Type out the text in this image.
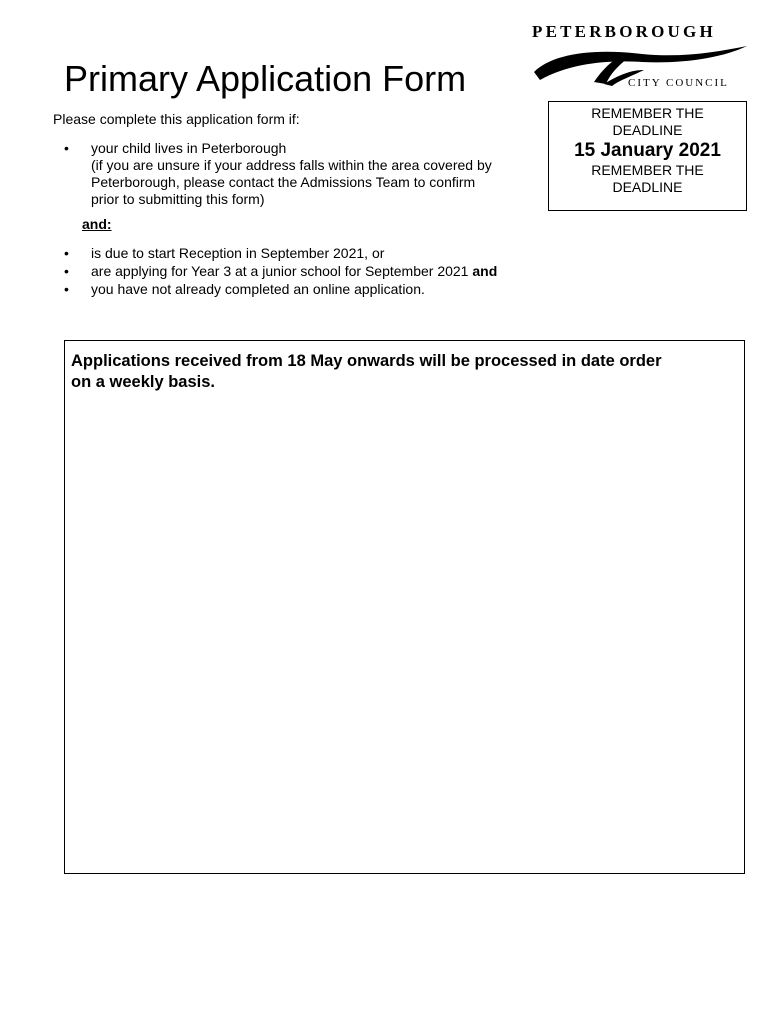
PETERBOROUGH
CITY COUNCIL
Primary Application Form
REMEMBER THE
DEADLINE
15 January 2021
REMEMBER THE
DEADLINE
Please complete this application form if:
• your child lives in Peterborough
(if you are unsure if your address falls within the area covered by
Peterborough, please contact the Admissions Team to confirm
prior to submitting this form)
and:
• is due to start Reception in September 2021, or
• are applying for Year 3 at a junior school for September 2021 and
• you have not already completed an online application.
Applications received from 18 May onwards will be processed in date order
on a weekly basis.
